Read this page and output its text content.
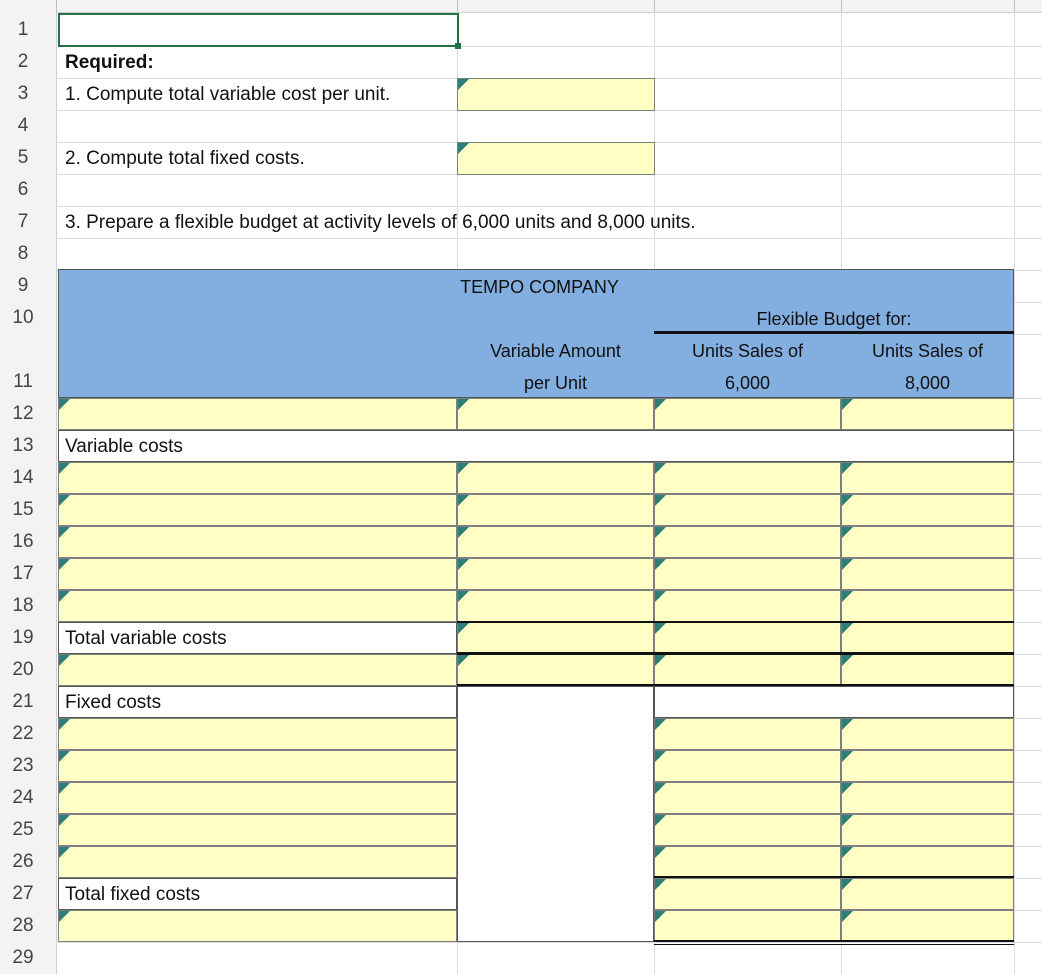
1
2
3
4
5
6
7
8
9
10
11
12
13
14
15
16
17
18
19
20
21
22
23
24
25
26
27
28
29
Required:
1. Compute total variable cost per unit.
2. Compute total fixed costs.
3. Prepare a flexible budget at activity levels of 6,000 units and 8,000 units.
TEMPO COMPANY
Flexible Budget for:
Variable Amount
per Unit
Units Sales of
6,000
Units Sales of
8,000
Variable costs
Total variable costs
Fixed costs
Total fixed costs
